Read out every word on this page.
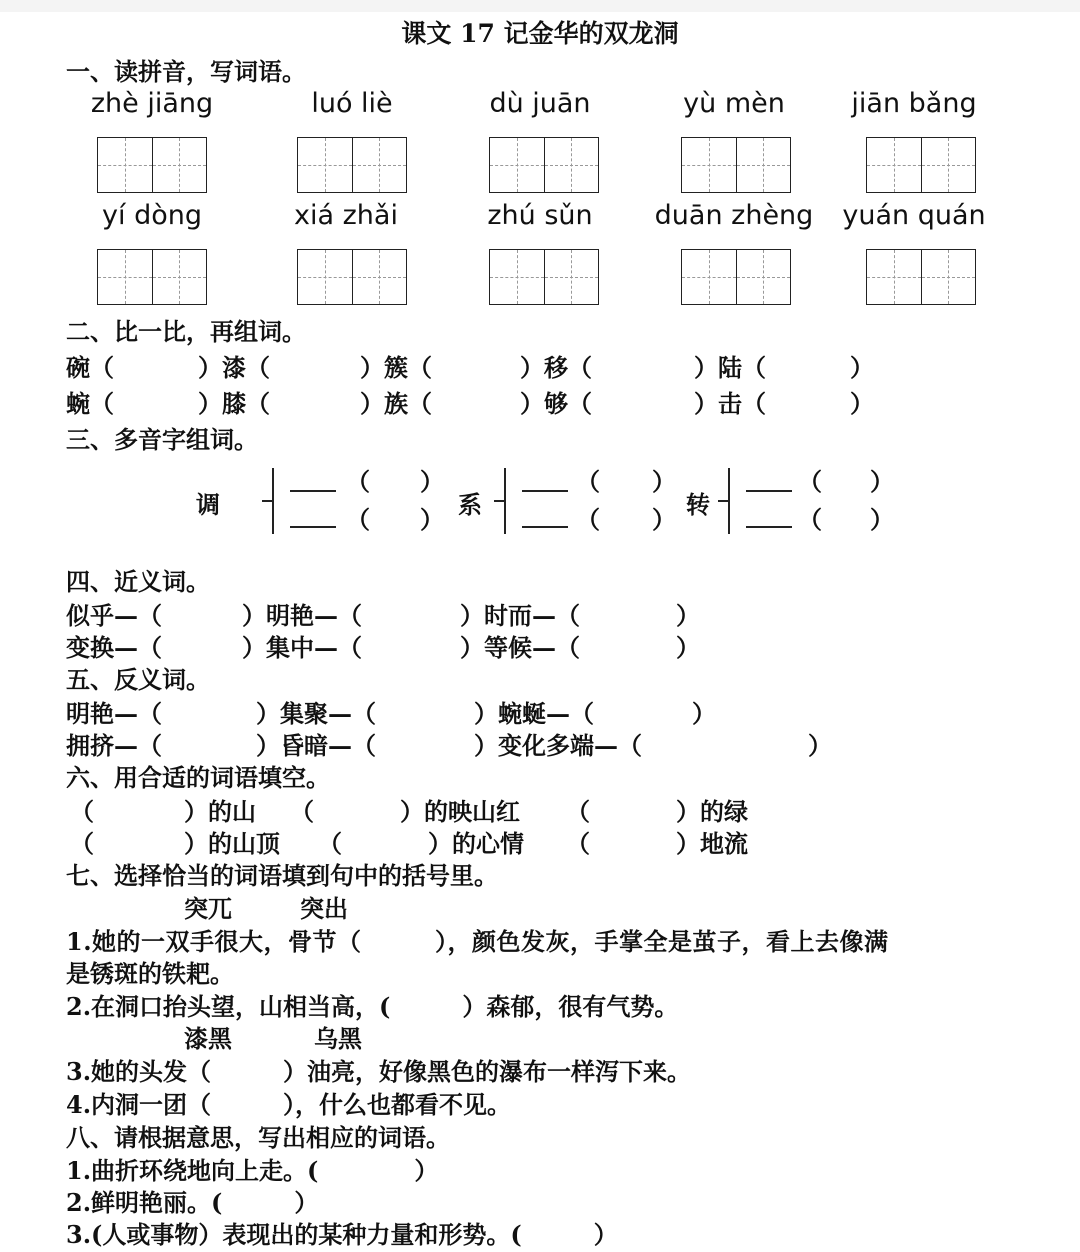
课文 17 记金华的双龙洞
一、读拼音，写词语。
zhè jiāng	luó liè	dù juān	yù mèn	jiān bǎng
yí dòng	xiá zhǎi	zhú sǔn	duān zhèng	yuán quán
二、比一比，再组词。
碗（	）漆（	）簇（	）移（	）陆（	）
蜿（	）膝（	）族（	）够（	）击（	）
三、多音字组词。
调
（ ）
（ ）
系
（ ）
（ ）
转
（ ）
（ ）
四、近义词。
似乎—（	）明艳—（	）时而—（	）
变换—（	）集中—（	）等候—（	）
五、反义词。
明艳—（	）集聚—（	）蜿蜒—（	）
拥挤—（	）昏暗—（	）变化多端—（	）
六、用合适的词语填空。
（	）的山 （	）的映山红 （	）的绿
（	）的山顶 （	）的心情 （	）地流
七、选择恰当的词语填到句中的括号里。
突兀	突出
1.她的一双手很大，骨节（　　　），颜色发灰，手掌全是茧子，看上去像满
是锈斑的铁耙。
2.在洞口抬头望，山相当高，(　　　）森郁，很有气势。
漆黑	乌黑
3.她的头发（　　　）油亮，好像黑色的瀑布一样泻下来。
4.内洞一团（　　　），什么也都看不见。
八、请根据意思，写出相应的词语。
1.曲折环绕地向上走。(　　　　）
2.鲜明艳丽。(　　　）
3.(人或事物）表现出的某种力量和形势。(　　　）
